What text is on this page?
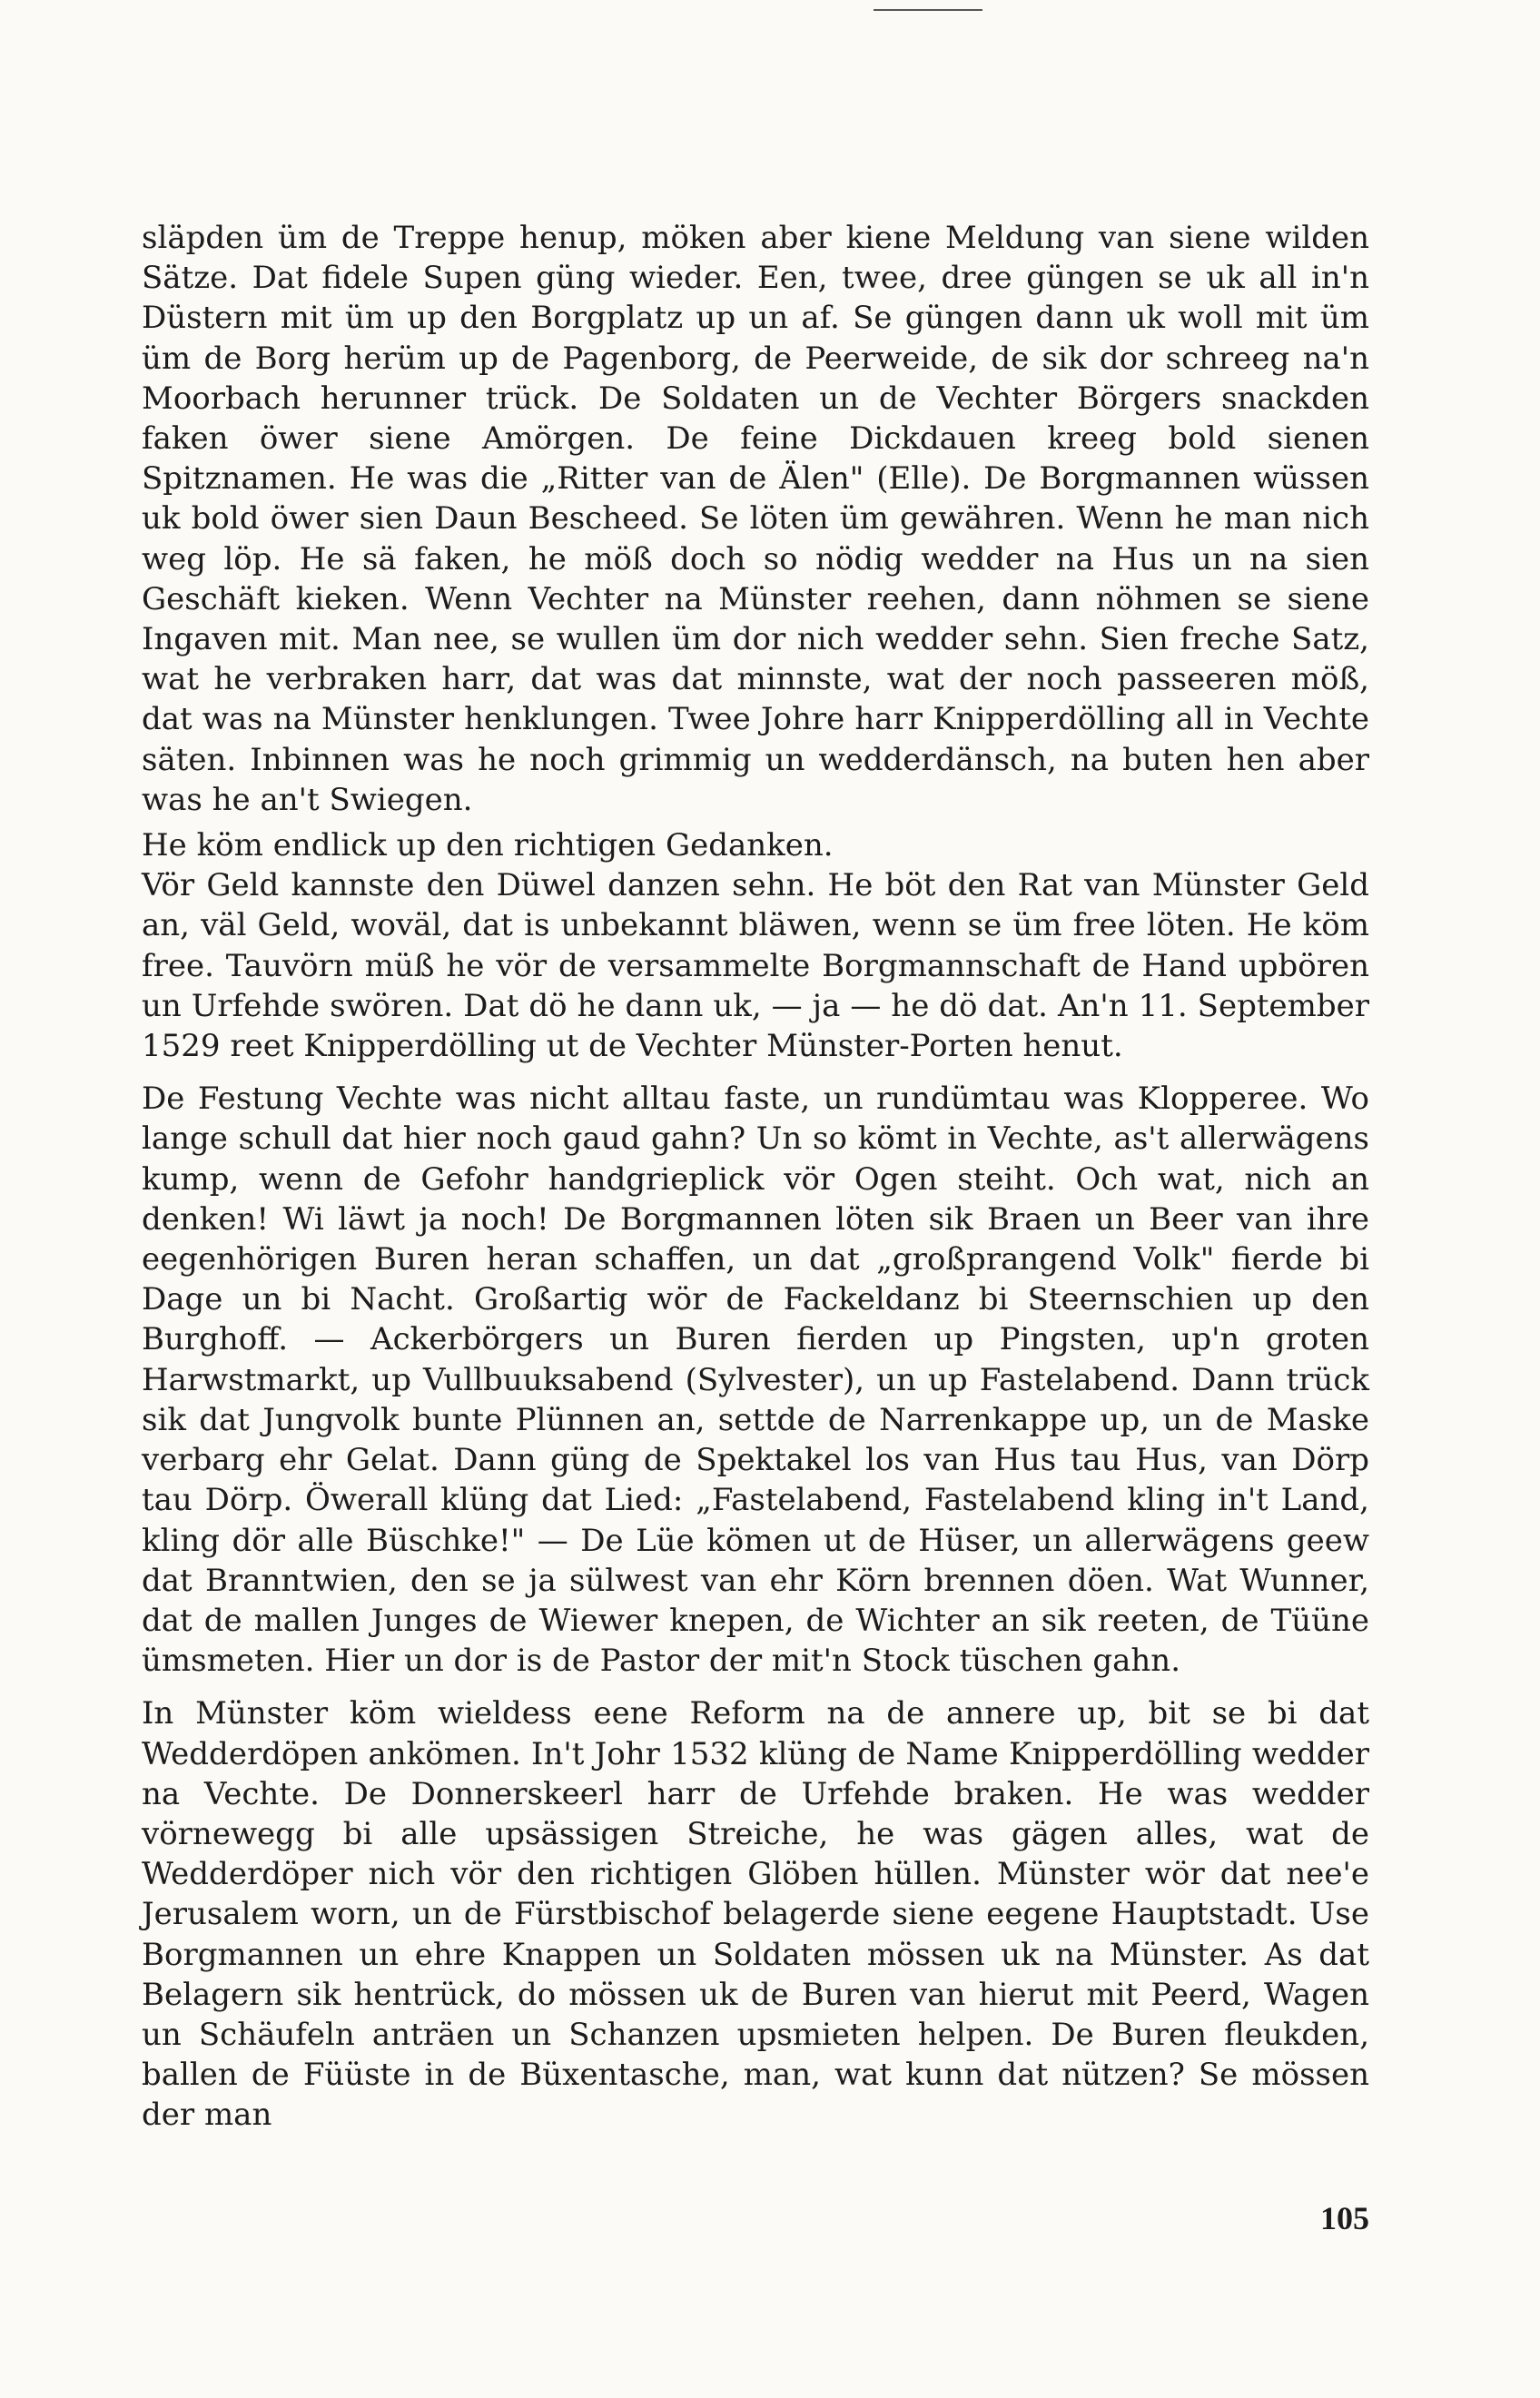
släpden üm de Treppe henup, möken aber kiene Meldung van siene wilden Sätze. Dat fidele Supen güng wieder. Een, twee, dree güngen se uk all in'n Düstern mit üm up den Borgplatz up un af. Se güngen dann uk woll mit üm üm de Borg herüm up de Pagenborg, de Peerweide, de sik dor schreeg na'n Moorbach herunner trück. De Soldaten un de Vechter Börgers snackden faken öwer siene Amörgen. De feine Dickdauen kreeg bold sienen Spitznamen. He was die „Ritter van de Älen" (Elle). De Borgmannen wüssen uk bold öwer sien Daun Bescheed. Se löten üm gewähren. Wenn he man nich weg löp. He sä faken, he möß doch so nödig wedder na Hus un na sien Geschäft kieken. Wenn Vechter na Münster reehen, dann nöhmen se siene Ingaven mit. Man nee, se wullen üm dor nich wedder sehn. Sien freche Satz, wat he verbraken harr, dat was dat minnste, wat der noch passeeren möß, dat was na Münster henklungen. Twee Johre harr Knipperdölling all in Vechte säten. Inbinnen was he noch grimmig un wedderdänsch, na buten hen aber was he an't Swiegen.

He köm endlick up den richtigen Gedanken.

Vör Geld kannste den Düwel danzen sehn. He böt den Rat van Münster Geld an, väl Geld, woväl, dat is unbekannt bläwen, wenn se üm free löten. He köm free. Tauvörn müß he vör de versammelte Borgmannschaft de Hand upbören un Urfehde swören. Dat dö he dann uk, — ja — he dö dat. An'n 11. September 1529 reet Knipperdölling ut de Vechter Münster-Porten henut.

De Festung Vechte was nicht alltau faste, un rundümtau was Klopperee. Wo lange schull dat hier noch gaud gahn? Un so kömt in Vechte, as't allerwägens kump, wenn de Gefohr handgrieplick vör Ogen steiht. Och wat, nich an denken! Wi läwt ja noch! De Borgmannen löten sik Braen un Beer van ihre eegenhörigen Buren heran schaffen, un dat „großprangend Volk" fierde bi Dage un bi Nacht. Großartig wör de Fackeldanz bi Steernschien up den Burghoff. — Ackerbörgers un Buren fierden up Pingsten, up'n groten Harwstmarkt, up Vullbuuksabend (Sylvester), un up Fastelabend. Dann trück sik dat Jungvolk bunte Plünnen an, settde de Narrenkappe up, un de Maske verbarg ehr Gelat. Dann güng de Spektakel los van Hus tau Hus, van Dörp tau Dörp. Öwerall klüng dat Lied: „Fastelabend, Fastelabend kling in't Land, kling dör alle Büschke!" — De Lüe kömen ut de Hüser, un allerwägens geew dat Branntwien, den se ja sülwest van ehr Körn brennen döen. Wat Wunner, dat de mallen Junges de Wiewer knepen, de Wichter an sik reeten, de Tüüne ümsmeten. Hier un dor is de Pastor der mit'n Stock tüschen gahn.

In Münster köm wieldess eene Reform na de annere up, bit se bi dat Wedderdöpen ankömen. In't Johr 1532 klüng de Name Knipperdölling wedder na Vechte. De Donnerskeerl harr de Urfehde braken. He was wedder vörnewegg bi alle upsässigen Streiche, he was gägen alles, wat de Wedderdöper nich vör den richtigen Glöben hüllen. Münster wör dat nee'e Jerusalem worn, un de Fürstbischof belagerde siene eegene Hauptstadt. Use Borgmannen un ehre Knappen un Soldaten mössen uk na Münster. As dat Belagern sik hentrück, do mössen uk de Buren van hierut mit Peerd, Wagen un Schäufeln anträen un Schanzen upsmieten helpen. De Buren fleukden, ballen de Füüste in de Büxentasche, man, wat kunn dat nützen? Se mössen der man

105
